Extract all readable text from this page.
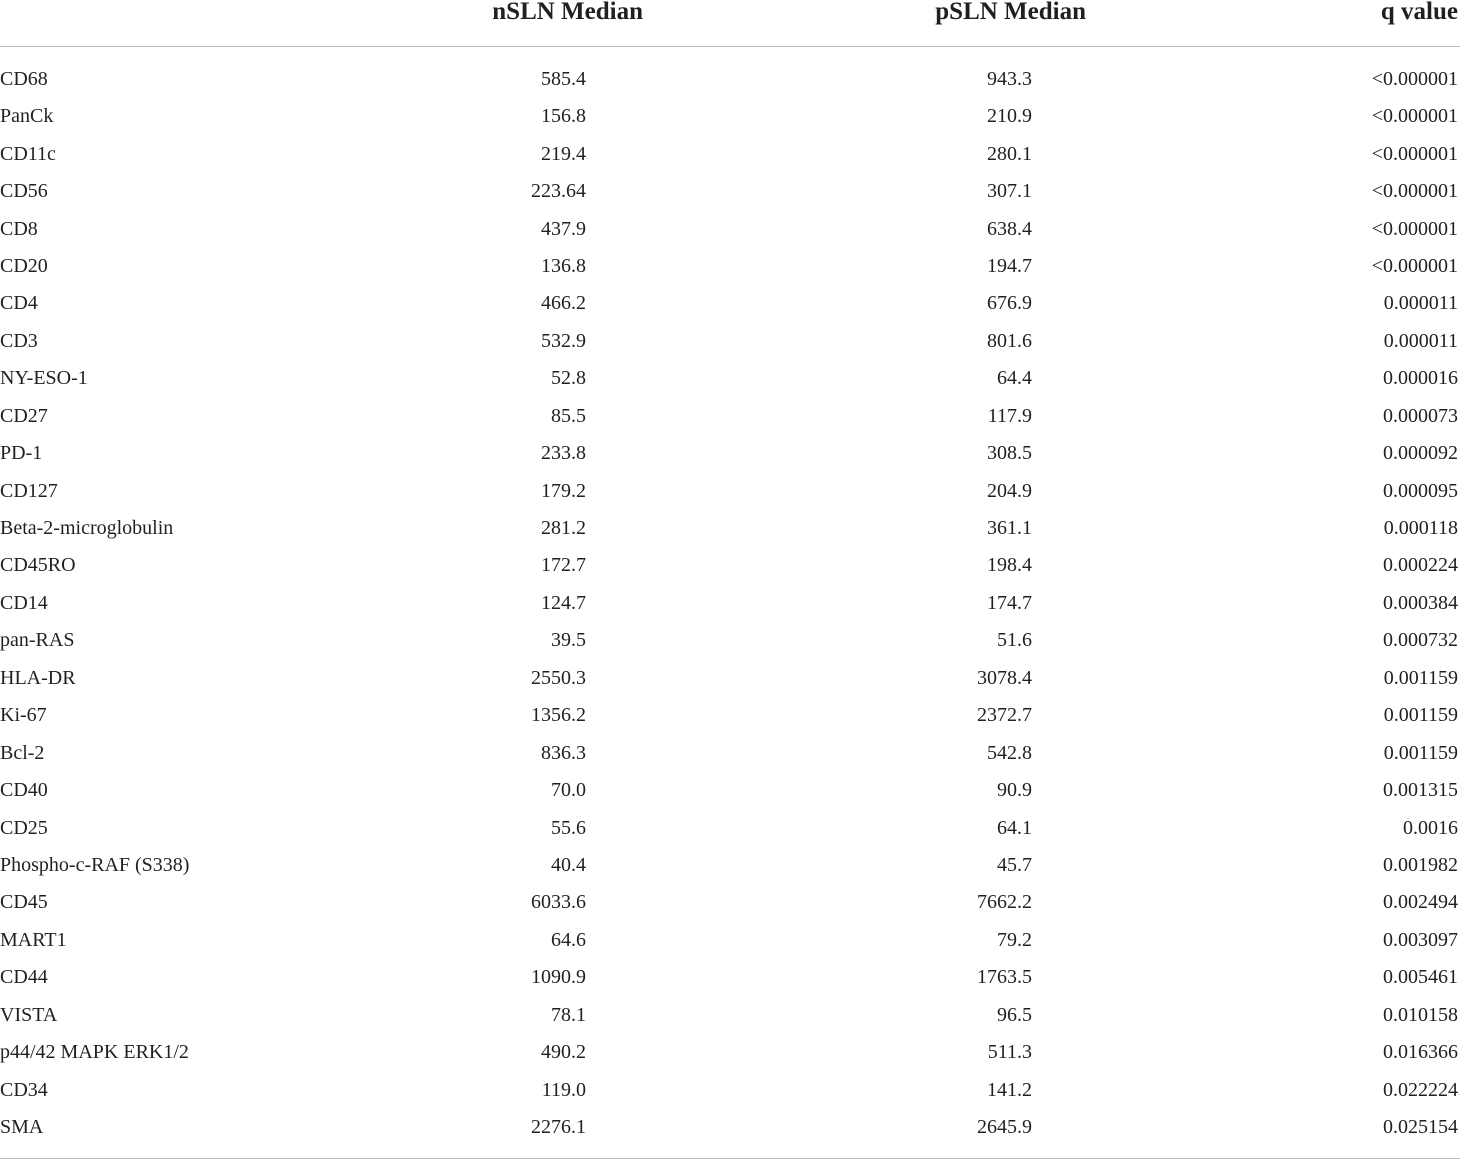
	nSLN Median	pSLN Median	q value
CD68	585.4	943.3	<0.000001
PanCk	156.8	210.9	<0.000001
CD11c	219.4	280.1	<0.000001
CD56	223.64	307.1	<0.000001
CD8	437.9	638.4	<0.000001
CD20	136.8	194.7	<0.000001
CD4	466.2	676.9	0.000011
CD3	532.9	801.6	0.000011
NY-ESO-1	52.8	64.4	0.000016
CD27	85.5	117.9	0.000073
PD-1	233.8	308.5	0.000092
CD127	179.2	204.9	0.000095
Beta-2-microglobulin	281.2	361.1	0.000118
CD45RO	172.7	198.4	0.000224
CD14	124.7	174.7	0.000384
pan-RAS	39.5	51.6	0.000732
HLA-DR	2550.3	3078.4	0.001159
Ki-67	1356.2	2372.7	0.001159
Bcl-2	836.3	542.8	0.001159
CD40	70.0	90.9	0.001315
CD25	55.6	64.1	0.0016
Phospho-c-RAF (S338)	40.4	45.7	0.001982
CD45	6033.6	7662.2	0.002494
MART1	64.6	79.2	0.003097
CD44	1090.9	1763.5	0.005461
VISTA	78.1	96.5	0.010158
p44/42 MAPK ERK1/2	490.2	511.3	0.016366
CD34	119.0	141.2	0.022224
SMA	2276.1	2645.9	0.025154
